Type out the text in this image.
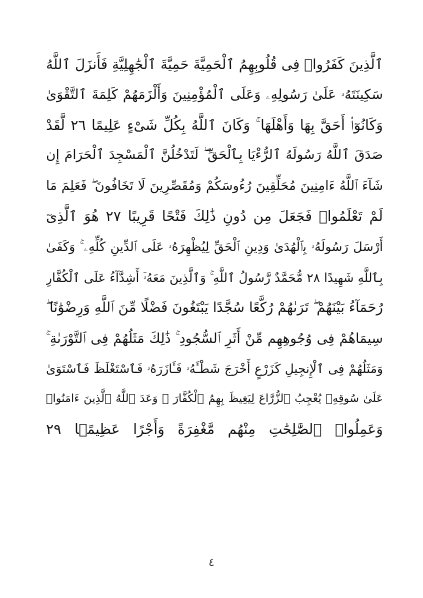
ٱلَّذِينَ كَفَرُوا۟ فِى قُلُوبِهِمُ ٱلْحَمِيَّةَ حَمِيَّةَ ٱلْجَٰهِلِيَّةِ فَأَنزَلَ ٱللَّهُ
سَكِينَتَهُۥ عَلَىٰ رَسُولِهِۦ وَعَلَى ٱلْمُؤْمِنِينَ وَأَلْزَمَهُمْ كَلِمَةَ ٱلتَّقْوَىٰ
وَكَانُوٓا۟ أَحَقَّ بِهَا وَأَهْلَهَا ۚ وَكَانَ ٱللَّهُ بِكُلِّ شَىْءٍ عَلِيمًا ٢٦ لَّقَدْ
صَدَقَ ٱللَّهُ رَسُولَهُ ٱلرُّءْيَا بِٱلْحَقِّ ۖ لَتَدْخُلُنَّ ٱلْمَسْجِدَ ٱلْحَرَامَ إِن
شَآءَ ٱللَّهُ ءَامِنِينَ مُحَلِّقِينَ رُءُوسَكُمْ وَمُقَصِّرِينَ لَا تَخَافُونَ ۖ فَعَلِمَ مَا
لَمْ تَعْلَمُوا۟ فَجَعَلَ مِن دُونِ ذَٰلِكَ فَتْحًا قَرِيبًا ٢٧ هُوَ ٱلَّذِىٓ
أَرْسَلَ رَسُولَهُۥ بِٱلْهُدَىٰ وَدِينِ ٱلْحَقِّ لِيُظْهِرَهُۥ عَلَى ٱلدِّينِ كُلِّهِۦ ۚ وَكَفَىٰ
بِٱللَّهِ شَهِيدًا ٢٨ مُّحَمَّدٌ رَّسُولُ ٱللَّهِ ۚ وَٱلَّذِينَ مَعَهُۥٓ أَشِدَّآءُ عَلَى ٱلْكُفَّارِ
رُحَمَآءُ بَيْنَهُمْ ۖ تَرَىٰهُمْ رُكَّعًا سُجَّدًا يَبْتَغُونَ فَضْلًا مِّنَ ٱللَّهِ وَرِضْوَٰنًا ۖ
سِيمَاهُمْ فِى وُجُوهِهِم مِّنْ أَثَرِ ٱلسُّجُودِ ۚ ذَٰلِكَ مَثَلُهُمْ فِى ٱلتَّوْرَىٰةِ ۚ
وَمَثَلُهُمْ فِى ٱلْإِنجِيلِ كَزَرْعٍ أَخْرَجَ شَطْـَٔهُۥ فَـَٔازَرَهُۥ فَٱسْتَغْلَظَ فَٱسْتَوَىٰ
عَلَىٰ سُوقِهِۦ يُعْجِبُ ٱلزُّرَّاعَ لِيَغِيظَ بِهِمُ ٱلْكُفَّارَ ۗ وَعَدَ ٱللَّهُ ٱلَّذِينَ ءَامَنُوا۟
وَعَمِلُوا۟ ٱلصَّٰلِحَٰتِ مِنْهُم مَّغْفِرَةً وَأَجْرًا عَظِيمًۢا ٢٩
٤
